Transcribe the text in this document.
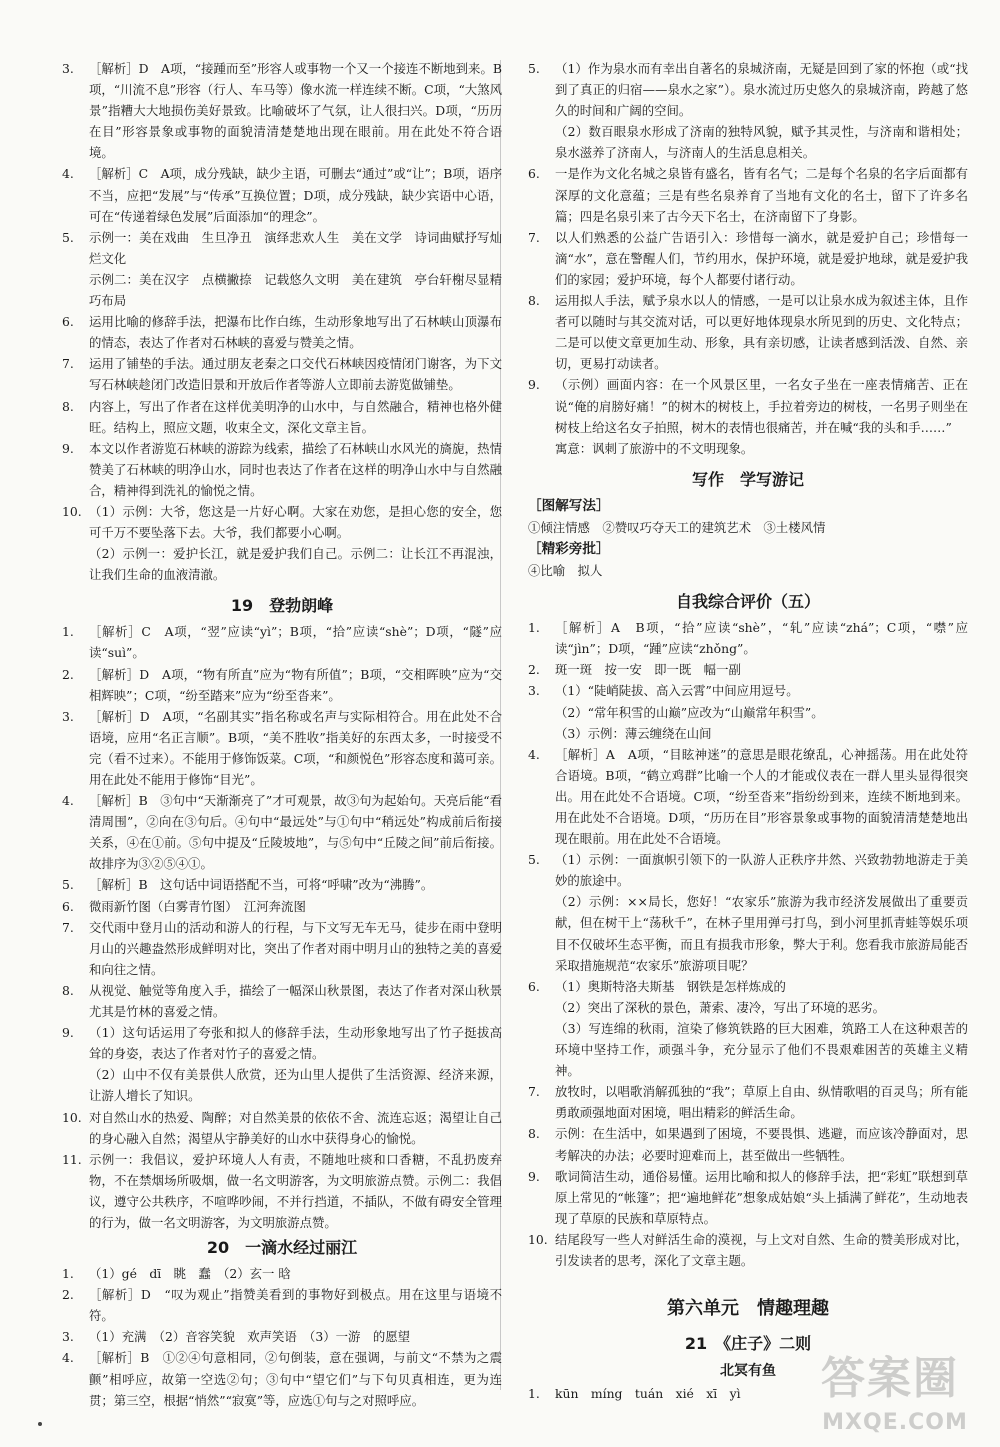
3.	［解析］D　A项，“接踵而至”形容人或事物一个又一个接连不断地到来。B项，“川流不息”形容（行人、车马等）像水流一样连续不断。C项，“大煞风景”指糟大大地损伤美好景致。比喻破坏了气氛，让人很扫兴。D项，“历历在目”形容景象或事物的面貌清清楚楚地出现在眼前。用在此处不符合语境。
4.	［解析］C　A项，成分残缺，缺少主语，可删去“通过”或“让”；B项，语序不当，应把“发展”与“传承”互换位置；D项，成分残缺，缺少宾语中心语，可在“传递着绿色发展”后面添加“的理念”。
5.	示例一：美在戏曲　生旦净丑　演绎悲欢人生　美在文学　诗词曲赋抒写灿烂文化
示例二：美在汉字　点横撇捺　记载悠久文明　美在建筑　亭台轩榭尽显精巧布局
6.	运用比喻的修辞手法，把瀑布比作白练，生动形象地写出了石林峡山顶瀑布的情态，表达了作者对石林峡的喜爱与赞美之情。
7.	运用了铺垫的手法。通过朋友老秦之口交代石林峡因疫情闭门谢客，为下文写石林峡趁闭门改造旧景和开放后作者等游人立即前去游览做铺垫。
8.	内容上，写出了作者在这样优美明净的山水中，与自然融合，精神也格外健旺。结构上，照应文题，收束全文，深化文章主旨。
9.	本文以作者游览石林峡的游踪为线索，描绘了石林峡山水风光的旖旎，热情赞美了石林峡的明净山水，同时也表达了作者在这样的明净山水中与自然融合，精神得到洗礼的愉悦之情。
10. （1）示例：大爷，您这是一片好心啊。大家在劝您，是担心您的安全，您可千万不要坠落下去。大爷，我们都要小心啊。
（2）示例一：爱护长江，就是爱护我们自己。示例二：让长江不再混浊，让我们生命的血液清澈。
19　 登勃朗峰
1.	［解析］C　A项，“翌”应读“yì”；B项，“拾”应读“shè”；D项，“隧”应读“suì”。
2.	［解析］D　A项，“物有所直”应为“物有所值”；B项，“交相晖映”应为“交相辉映”；C项，“纷至踏来”应为“纷至沓来”。
3.	［解析］D　A项，“名副其实”指名称或名声与实际相符合。用在此处不合语境，应用“名正言顺”。B项，“美不胜收”指美好的东西太多，一时接受不完（看不过来）。不能用于修饰饭菜。C项，“和颜悦色”形容态度和蔼可亲。用在此处不能用于修饰“目光”。
4.	［解析］B　③句中“天渐渐亮了”才可观景，故③句为起始句。天亮后能“看清周围”，②向在③句后。④句中“最远处”与①句中“稍远处”构成前后衔接关系，④在①前。⑤句中提及“丘陵坡地”，与⑤句中“丘陵之间”前后衔接。故排序为③②⑤④①。
5.	［解析］B　这句话中词语搭配不当，可将“呼啸”改为“沸腾”。
6.	微雨新竹图（白雾青竹图）　江河奔流图
7.	交代雨中登月山的活动和游人的行程，与下文写无车无马，徒步在雨中登明月山的兴趣盎然形成鲜明对比，突出了作者对雨中明月山的独特之美的喜爱和向往之情。
8.	从视觉、触觉等角度入手，描绘了一幅深山秋景图，表达了作者对深山秋景尤其是竹林的喜爱之情。
9.	（1）这句话运用了夸张和拟人的修辞手法，生动形象地写出了竹子挺拔高耸的身姿，表达了作者对竹子的喜爱之情。
（2）山中不仅有美景供人欣赏，还为山里人提供了生活资源、经济来源，让游人增长了知识。
10. 对自然山水的热爱、陶醉；对自然美景的依依不舍、流连忘返；渴望让自己的身心融入自然；渴望从宇静美好的山水中获得身心的愉悦。
11. 示例一：我倡议，爱护环境人人有责，不随地吐痰和口香糖，不乱扔废弃物，不在禁烟场所吸烟，做一名文明游客，为文明旅游点赞。示例二：我倡议，遵守公共秩序，不喧哗吵闹，不并行挡道，不插队，不做有碍安全管理的行为，做一名文明游客，为文明旅游点赞。
20　 一滴水经过丽江
1.	（1）gé　dī　眺　蠢　（2）玄一 晗
2.	［解析］D　“叹为观止”指赞美看到的事物好到极点。用在这里与语境不符。
3.	（1）充满　（2）音容笑貌　欢声笑语　（3）一游　的愿望
4.	［解析］B　①②④句意相同，②句倒装，意在强调，与前文“不禁为之震颤”相呼应，故第一空选②句；③句中“望它们”与下句贝真相连，更为连贯；第三空，根据“悄然”“寂寞”等，应选①句与之对照呼应。
5.	（1）作为泉水而有幸出自著名的泉城济南，无疑是回到了家的怀抱（或“找到了真正的归宿——泉水之家”）。泉水流过历史悠久的泉城济南，跨越了悠久的时间和广阔的空间。
（2）数百眼泉水形成了济南的独特风貌，赋予其灵性，与济南和谐相处；泉水滋养了济南人，与济南人的生活息息相关。
6.	一是作为文化名城之泉皆有盛名，皆有名气；二是每个名泉的名字后面都有深厚的文化意蕴；三是有些名泉养育了当地有文化的名士，留下了许多名篇；四是名泉引来了古今天下名士，在济南留下了身影。
7.	以人们熟悉的公益广告语引入：珍惜每一滴水，就是爱护自己；珍惜每一滴“水”，意在警醒人们，节约用水，保护环境，就是爱护地球，就是爱护我们的家园；爱护环境，每个人都要付诸行动。
8.	运用拟人手法，赋予泉水以人的情感，一是可以让泉水成为叙述主体，且作者可以随时与其交流对话，可以更好地体现泉水所见到的历史、文化特点；二是可以使文章更加生动、形象，具有亲切感，让读者感到活泼、自然、亲切，更易打动读者。
9.	（示例）画面内容：在一个风景区里，一名女子坐在一座表情痛苦、正在说“俺的肩膀好痛！”的树木的树枝上，手拉着旁边的树枝，一名男子则坐在树枝上给这名女子拍照，树木的表情也很痛苦，并在喊“我的头和手……”
寓意：讽刺了旅游中的不文明现象。
写作　学写游记
［图解写法］
①倾注情感　②赞叹巧夺天工的建筑艺术　③土楼风情
［精彩旁批］
④比喻　拟人
自我综合评价（五）
1.	［解析］A　B项，“拾”应读“shè”，“轧”应读“zhá”；C项，“噤”应读“jìn”；D项，“踵”应读“zhǒng”。
2.	斑一斑　按一安　即一既　幅一副
3.	（1）“陡峭陡拔、高入云霄”中间应用逗号。
（2）“常年积雪的山巅”应改为“山巅常年积雪”。
（3）示例：薄云缠绕在山间
4.	［解析］A　A项，“目眩神迷”的意思是眼花缭乱，心神摇荡。用在此处符合语境。B项，“鹤立鸡群”比喻一个人的才能或仪表在一群人里头显得很突出。用在此处不合语境。C项，“纷至沓来”指纷纷到来，连续不断地到来。用在此处不合语境。D项，“历历在目”形容景象或事物的面貌清清楚楚地出现在眼前。用在此处不合语境。
5.	（1）示例：一面旗帜引领下的一队游人正秩序井然、兴致勃勃地游走于美妙的旅途中。
（2）示例：××局长，您好！“农家乐”旅游为我市经济发展做出了重要贡献，但在树干上“荡秋千”，在林子里用弹弓打鸟，到小河里抓青蛙等娱乐项目不仅破坏生态平衡，而且有损我市形象，弊大于利。您看我市旅游局能否采取措施规范“农家乐”旅游项目呢？
6.	（1）奥斯特洛夫斯基　钢铁是怎样炼成的
（2）突出了深秋的景色，萧索、凄冷，写出了环境的恶劣。
（3）写连绵的秋雨，渲染了修筑铁路的巨大困难，筑路工人在这种艰苦的环境中坚持工作，顽强斗争，充分显示了他们不畏艰难困苦的英雄主义精神。
7.	放牧时，以唱歌消解孤独的“我”；草原上自由、纵情歌唱的百灵鸟；所有能勇敢顽强地面对困境，唱出精彩的鲜活生命。
8.	示例：在生活中，如果遇到了困境，不要畏惧、逃避，而应该冷静面对，思考解决的办法；必要时迎难而上，甚至做出一些牺牲。
9.	歌词简洁生动，通俗易懂。运用比喻和拟人的修辞手法，把“彩虹”联想到草原上常见的“帐篷”；把“遍地鲜花”想象成姑娘“头上插满了鲜花”，生动地表现了草原的民族和草原特点。
10. 结尾段写一些人对鲜活生命的漠视，与上文对自然、生命的赞美形成对比，引发读者的思考，深化了文章主题。
第六单元　情趣理趣
21　 《庄子》二则
北冥有鱼
1.	kūn　míng　tuán　xié　xī　yì	答案圈
MXQE.COM
